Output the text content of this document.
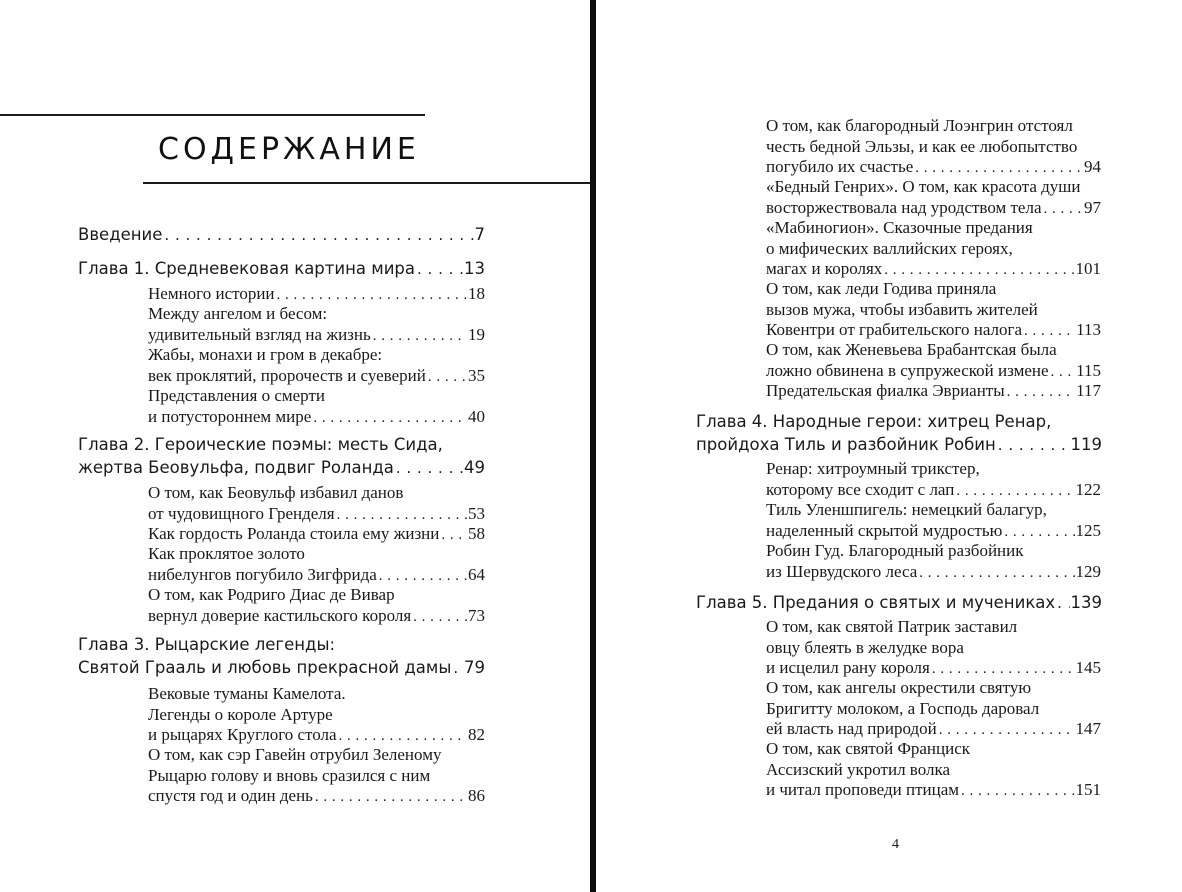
СОДЕРЖАНИЕ
Введение . . .	7
Глава 1. Средневековая картина мира . . .	13
Немного истории . . .	18
Между ангелом и бесом:
удивительный взгляд на жизнь . . .	19
Жабы, монахи и гром в декабре:
век проклятий, пророчеств и суеверий . . . 35
Представления о смерти
и потустороннем мире . . .	40
Глава 2. Героические поэмы: месть Сида,
жертва Беовульфа, подвиг Роланда . . .	49
О том, как Беовульф избавил данов
от чудовищного Гренделя . . .	53
Как гордость Роланда стоила ему жизни . . . 58
Как проклятое золото
нибелунгов погубило Зигфрида . . .	64
О том, как Родриго Диас де Вивар
вернул доверие кастильского короля . . .	73
Глава 3. Рыцарские легенды:
Святой Грааль и любовь прекрасной дамы . . . 79
Вековые туманы Камелота.
Легенды о короле Артуре
и рыцарях Круглого стола . . .	82
О том, как сэр Гавейн отрубил Зеленому
Рыцарю голову и вновь сразился с ним
спустя год и один день . . .	86
4
О том, как благородный Лоэнгрин отстоял
честь бедной Эльзы, и как ее любопытство
погубило их счастье . . .	94
«Бедный Генрих». О том, как красота души
восторжествовала над уродством тела . . . 97
«Мабиногион». Сказочные предания
о мифических валлийских героях,
магах и королях . . .	101
О том, как леди Годива приняла
вызов мужа, чтобы избавить жителей
Ковентри от грабительского налога . . .	113
О том, как Женевьева Брабантская была
ложно обвинена в супружеской измене . . . 115
Предательская фиалка Эврианты . . .	117
Глава 4. Народные герои: хитрец Ренар,
пройдоха Тиль и разбойник Робин . . .	119
Ренар: хитроумный трикстер,
которому все сходит с лап . . .	122
Тиль Уленшпигель: немецкий балагур,
наделенный скрытой мудростью . . .	125
Робин Гуд. Благородный разбойник
из Шервудского леса . . .	129
Глава 5. Предания о святых и мучениках . . . 139
О том, как святой Патрик заставил
овцу блеять в желудке вора
и исцелил рану короля . . .	145
О том, как ангелы окрестили святую
Бригитту молоком, а Господь даровал
ей власть над природой . . .	147
О том, как святой Франциск
Ассизский укротил волка
и читал проповеди птицам . . .	151
